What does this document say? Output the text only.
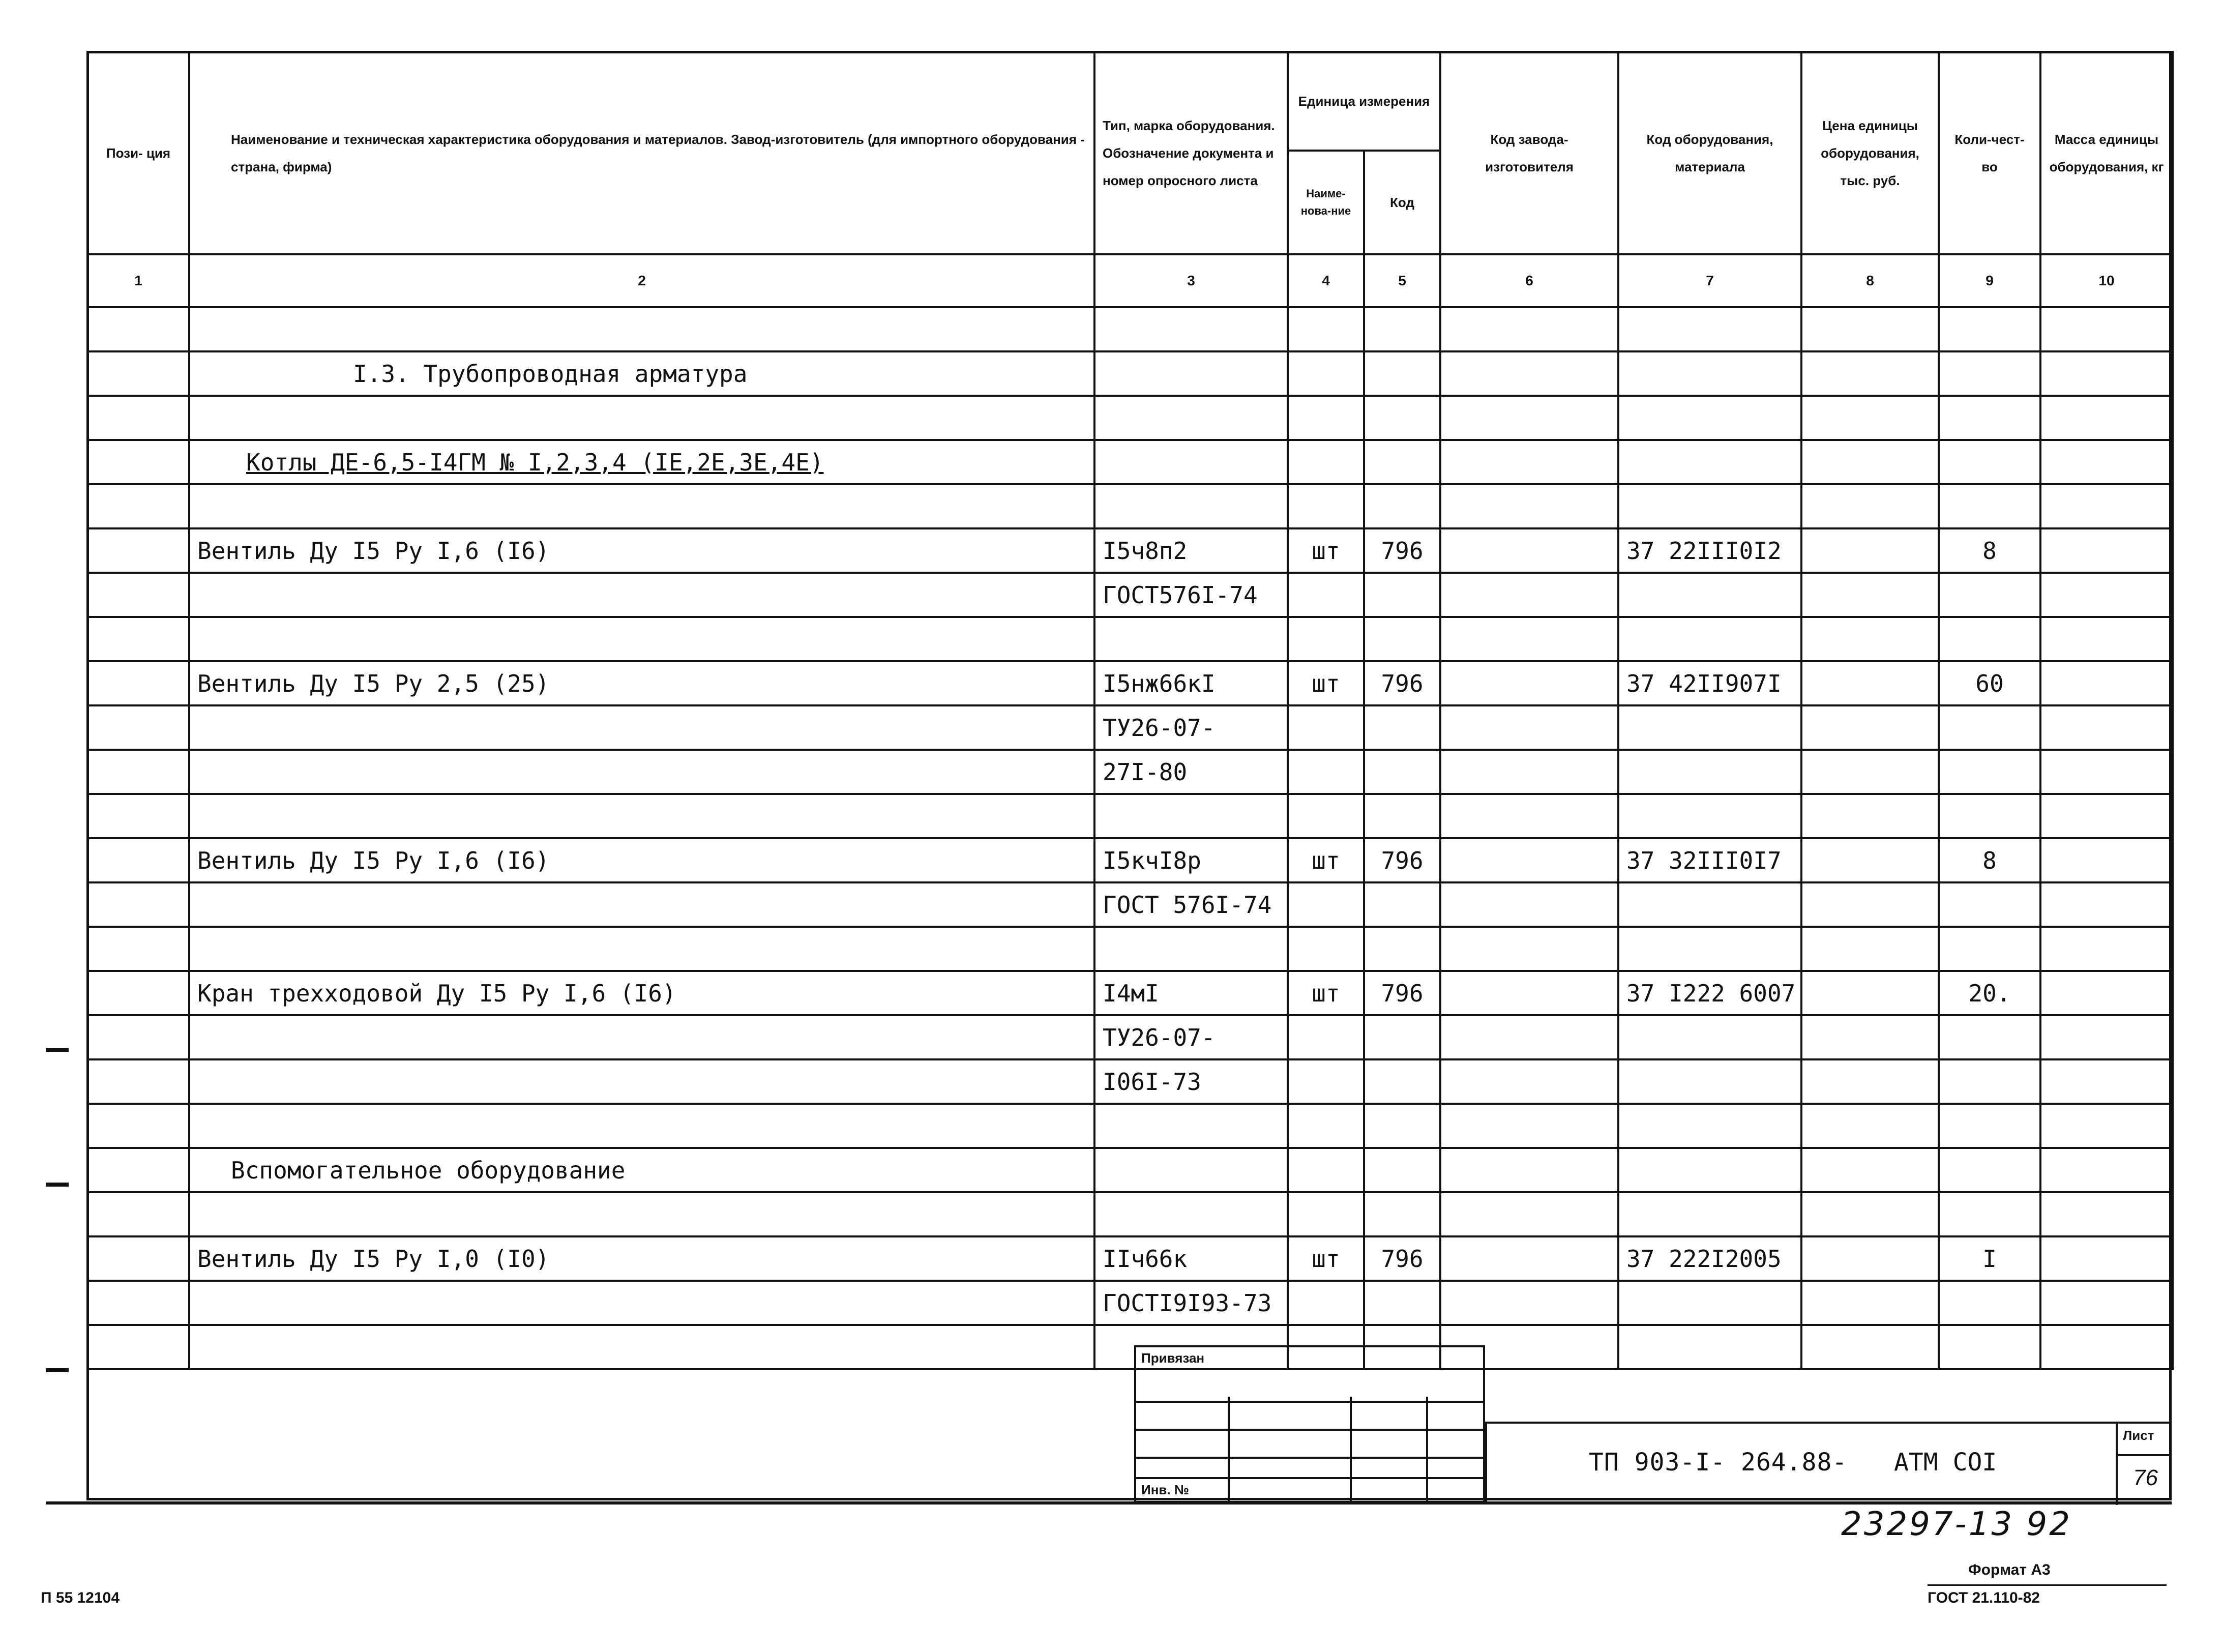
Пози- ция	Наименование и техническая характеристика оборудования и материалов. Завод-изготовитель (для импортного оборудования - страна, фирма)	Тип, марка оборудования. Обозначение документа и номер опросного листа	Единица измерения		Код завода-изготовителя	Код оборудования, материала	Цена единицы оборудования, тыс. руб.	Коли-чест-во	Масса единицы оборудования, кг
			Наиме-нова-ние	Код					
1	2	3	4	5	6	7	8	9	10

	I.3. Трубопроводная арматура								

	Котлы ДЕ-6,5-I4ГМ № I,2,3,4 (IЕ,2Е,3Е,4Е)								

	Вентиль Ду I5 Ру I,6 (I6)	I5ч8п2	шт	796		37 22III0I2		8	
		ГОСТ576I-74							

	Вентиль Ду I5 Ру 2,5 (25)	I5нж66кI	шт	796		37 42II907I		60	
		ТУ26-07-							
		27I-80							

	Вентиль Ду I5 Ру I,6 (I6)	I5кчI8р	шт	796		37 32III0I7		8	
		ГОСТ 576I-74							

	Кран трехходовой Ду I5 Ру I,6 (I6)	I4мI	шт	796		37 I222 6007		20.	
		ТУ26-07-							
		I06I-73							

	Вспомогательное оборудование								

	Вентиль Ду I5 Ру I,0 (I0)	IIч66к	шт	796		37 222I2005		I	
		ГОСТI9I93-73							

Привязан
Инв. №
ТП 903-I- 264.88- АТМ СОI
Лист
76
23297-13 92
Формат А3
ГОСТ 21.110-82
П 55 12104
